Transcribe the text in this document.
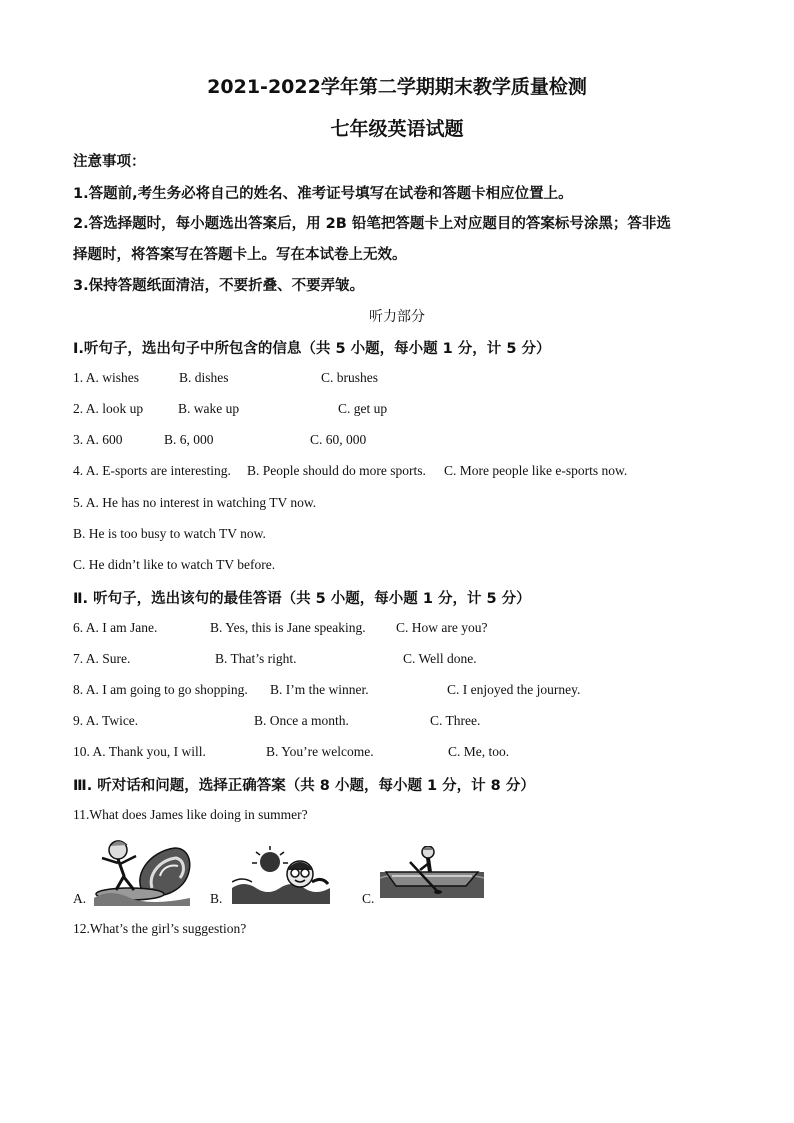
2021-2022学年第二学期期末教学质量检测
七年级英语试题
注意事项：
1.答题前,考生务必将自己的姓名、准考证号填写在试卷和答题卡相应位置上。
2.答选择题时，每小题选出答案后，用 2B 铅笔把答题卡上对应题目的答案标号涂黑；答非选
择题时，将答案写在答题卡上。写在本试卷上无效。
3.保持答题纸面清洁，不要折叠、不要弄皱。
听力部分
I.听句子，选出句子中所包含的信息（共 5 小题，每小题 1 分，计 5 分）
1. A. wishes	B. dishes	C. brushes
2. A. look up	B. wake up	C. get up
3. A. 600	B. 6, 000	C. 60, 000
4. A. E-sports are interesting. B. People should do more sports. C. More people like e-sports now.
5. A. He has no interest in watching TV now.
B. He is too busy to watch TV now.
C. He didn’t like to watch TV before.
Ⅱ. 听句子，选出该句的最佳答语（共 5 小题，每小题 1 分，计 5 分）
6. A. I am Jane.	B. Yes, this is Jane speaking. C. How are you?
7. A. Sure.	B. That’s right.	C. Well done.
8. A. I am going to go shopping. B. I’m the winner.	C. I enjoyed the journey.
9. A. Twice.	B. Once a month.	C. Three.
10. A. Thank you, I will.	B. You’re welcome.	C. Me, too.
Ⅲ. 听对话和问题，选择正确答案（共 8 小题，每小题 1 分，计 8 分）
11.What does James like doing in summer?
A.	B.	C.
12.What’s the girl’s suggestion?
